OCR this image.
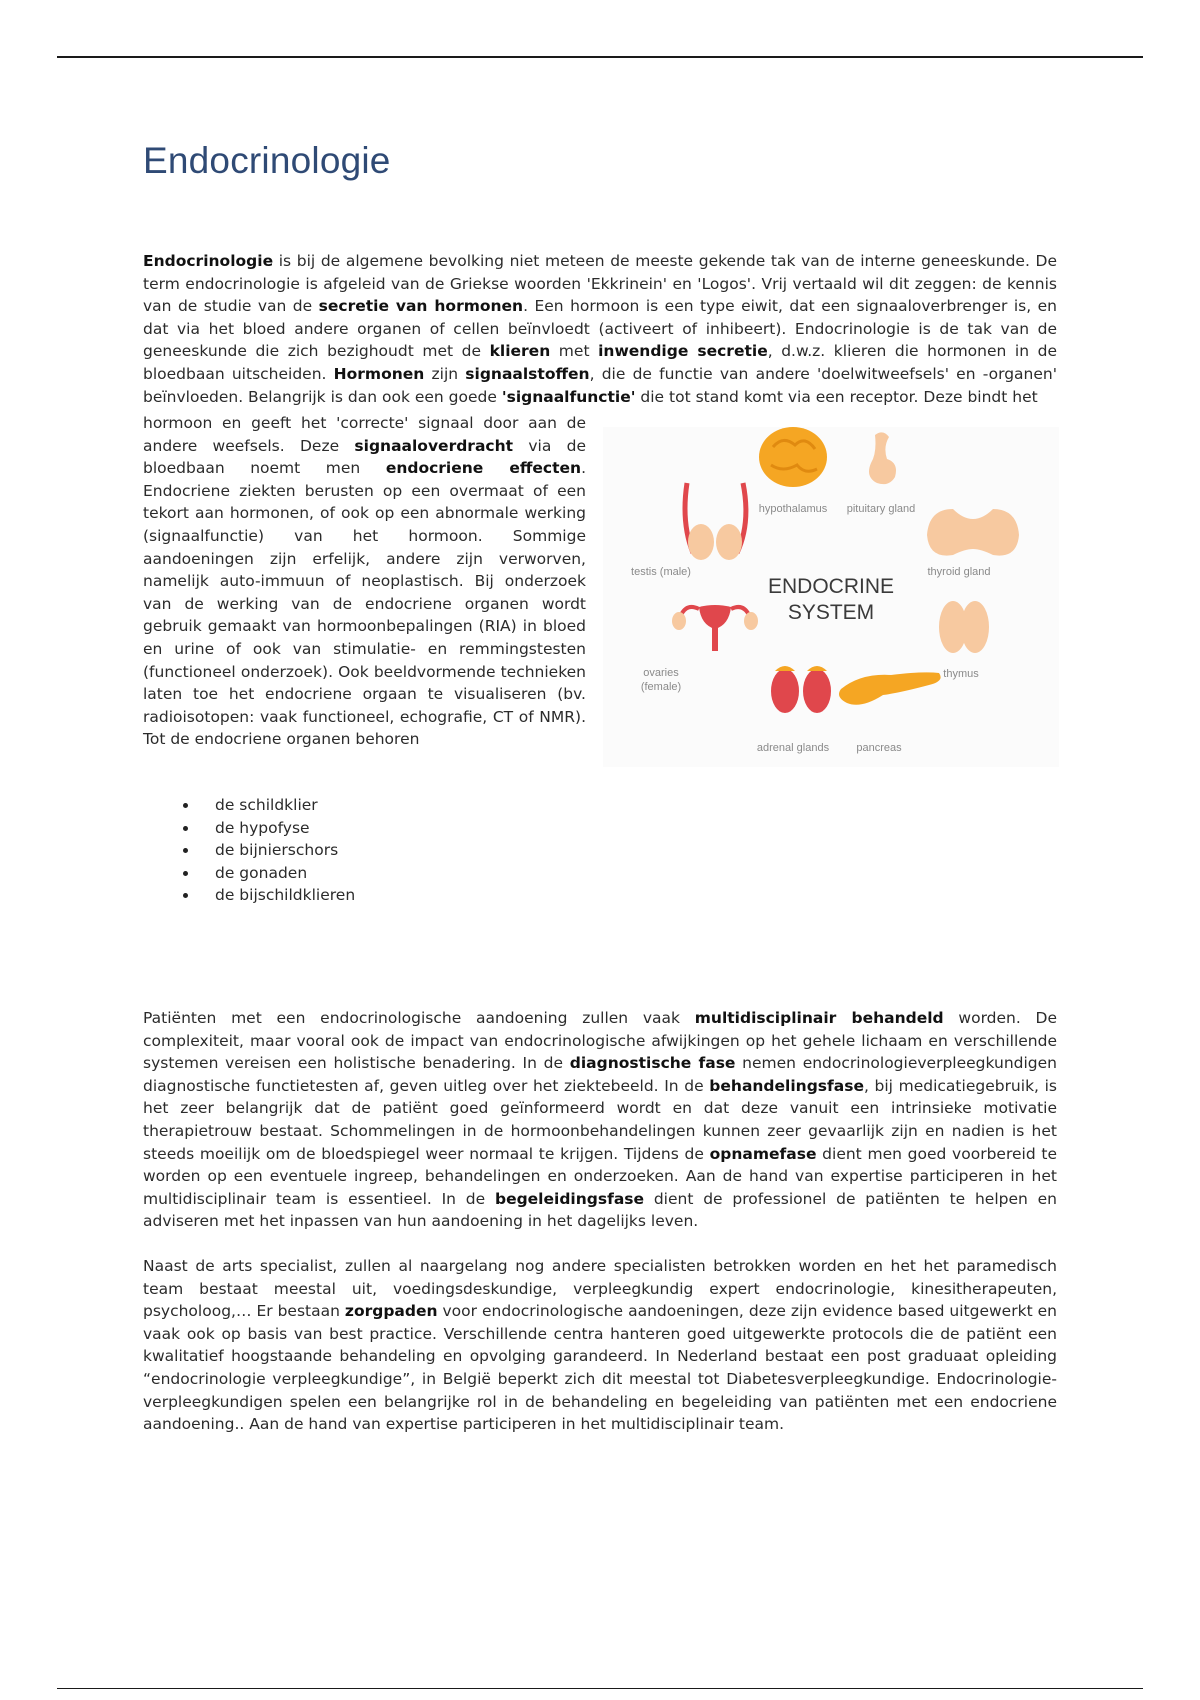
Endocrinologie

Endocrinologie is bij de algemene bevolking niet meteen de meeste gekende tak van de interne geneeskunde. De term endocrinologie is afgeleid van de Griekse woorden 'Ekkrinein' en 'Logos'. Vrij vertaald wil dit zeggen: de kennis van de studie van de secretie van hormonen. Een hormoon is een type eiwit, dat een signaaloverbrenger is, en dat via het bloed andere organen of cellen beïnvloedt (activeert of inhibeert). Endocrinologie is de tak van de geneeskunde die zich bezighoudt met de klieren met inwendige secretie, d.w.z. klieren die hormonen in de bloedbaan uitscheiden. Hormonen zijn signaalstoffen, die de functie van andere 'doelwitweefsels' en -organen' beïnvloeden. Belangrijk is dan ook een goede 'signaalfunctie' die tot stand komt via een receptor. Deze bindt het

hormoon en geeft het 'correcte' signaal door aan de andere weefsels. Deze signaaloverdracht via de bloedbaan noemt men endocriene effecten. Endocriene ziekten berusten op een overmaat of een tekort aan hormonen, of ook op een abnormale werking (signaalfunctie) van het hormoon. Sommige aandoeningen zijn erfelijk, andere zijn verworven, namelijk auto-immuun of neoplastisch. Bij onderzoek van de werking van de endocriene organen wordt gebruik gemaakt van hormoonbepalingen (RIA) in bloed en urine of ook van stimulatie- en remmingstesten (functioneel onderzoek). Ook beeldvormende technieken laten toe het endocriene orgaan te visualiseren (bv. radioisotopen: vaak functioneel, echografie, CT of NMR). Tot de endocriene organen behoren

ENDOCRINE
SYSTEM
hypothalamus pituitary gland
thyroid gland
testis (male)
ovaries
(female)
thymus
adrenal glands pancreas
de schildklier
de hypofyse
de bijnierschors
de gonaden
de bijschildklieren

Patiënten met een endocrinologische aandoening zullen vaak multidisciplinair behandeld worden. De complexiteit, maar vooral ook de impact van endocrinologische afwijkingen op het gehele lichaam en verschillende systemen vereisen een holistische benadering. In de diagnostische fase nemen endocrinologieverpleegkundigen diagnostische functietesten af, geven uitleg over het ziektebeeld. In de behandelingsfase, bij medicatiegebruik, is het zeer belangrijk dat de patiënt goed geïnformeerd wordt en dat deze vanuit een intrinsieke motivatie therapietrouw bestaat. Schommelingen in de hormoonbehandelingen kunnen zeer gevaarlijk zijn en nadien is het steeds moeilijk om de bloedspiegel weer normaal te krijgen. Tijdens de opnamefase dient men goed voorbereid te worden op een eventuele ingreep, behandelingen en onderzoeken. Aan de hand van expertise participeren in het multidisciplinair team is essentieel. In de begeleidingsfase dient de professionel de patiënten te helpen en adviseren met het inpassen van hun aandoening in het dagelijks leven.

Naast de arts specialist, zullen al naargelang nog andere specialisten betrokken worden en het het paramedisch team bestaat meestal uit, voedingsdeskundige, verpleegkundig expert endocrinologie, kinesitherapeuten, psycholoog,… Er bestaan zorgpaden voor endocrinologische aandoeningen, deze zijn evidence based uitgewerkt en vaak ook op basis van best practice. Verschillende centra hanteren goed uitgewerkte protocols die de patiënt een kwalitatief hoogstaande behandeling en opvolging garandeerd. In Nederland bestaat een post graduaat opleiding “endocrinologie verpleegkundige”, in België beperkt zich dit meestal tot Diabetesverpleegkundige. Endocrinologie-verpleegkundigen spelen een belangrijke rol in de behandeling en begeleiding van patiënten met een endocriene aandoening.. Aan de hand van expertise participeren in het multidisciplinair team.
